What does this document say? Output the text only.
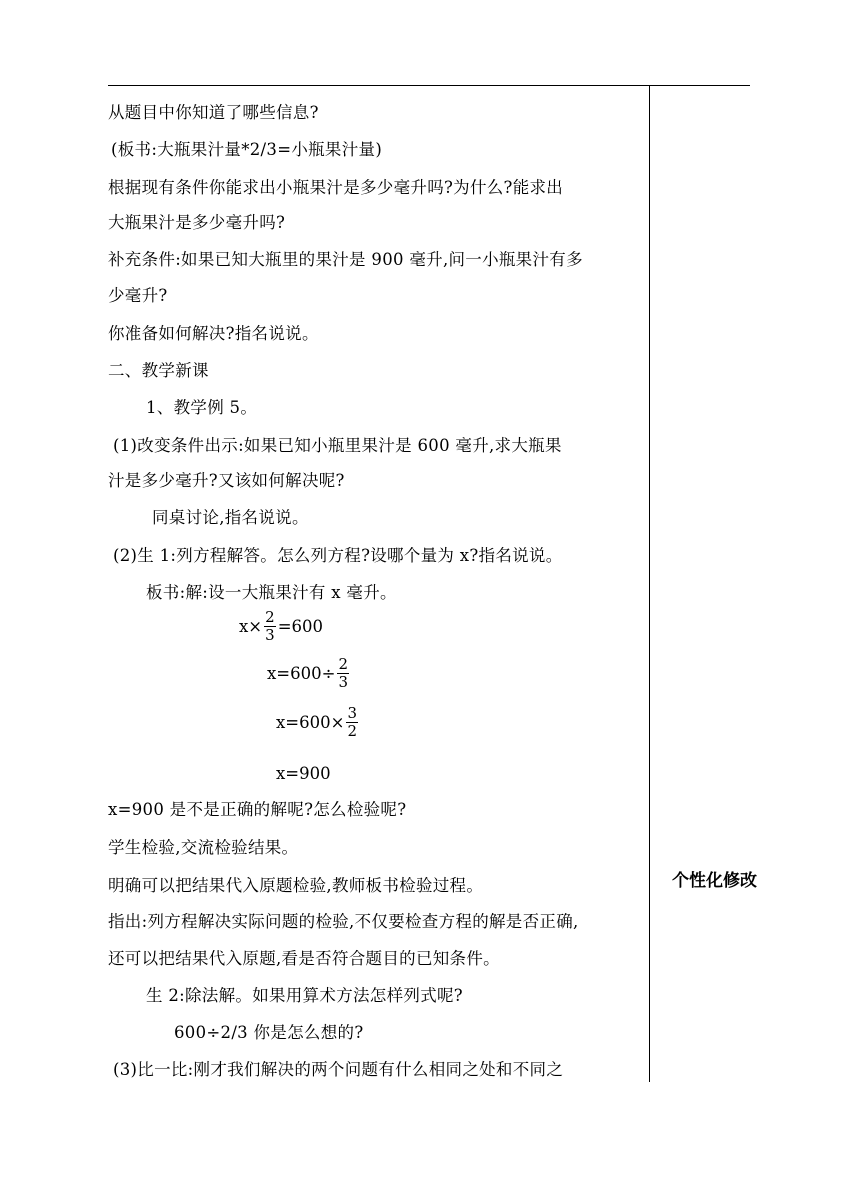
从题目中你知道了哪些信息?
(板书:大瓶果汁量*2/3=小瓶果汁量)
根据现有条件你能求出小瓶果汁是多少毫升吗?为什么?能求出
大瓶果汁是多少毫升吗?
补充条件:如果已知大瓶里的果汁是 900 毫升,问一小瓶果汁有多
少毫升?
你准备如何解决?指名说说。
二、教学新课
1、教学例 5。
(1)改变条件出示:如果已知小瓶里果汁是 600 毫升,求大瓶果
汁是多少毫升?又该如何解决呢?
同桌讨论,指名说说。
(2)生 1:列方程解答。怎么列方程?设哪个量为 x?指名说说。
板书:解:设一大瓶果汁有 x 毫升。
$x\times \frac{2}{3} =600$
$x=600\div \frac{2}{3}$
$x=600\times \frac{3}{2}$
x=900
x=900 是不是正确的解呢?怎么检验呢?
学生检验,交流检验结果。
明确可以把结果代入原题检验,教师板书检验过程。
指出:列方程解决实际问题的检验,不仅要检查方程的解是否正确,
还可以把结果代入原题,看是否符合题目的已知条件。
生 2:除法解。如果用算术方法怎样列式呢?
600÷2/3 你是怎么想的?
(3)比一比:刚才我们解决的两个问题有什么相同之处和不同之
个性化修改
